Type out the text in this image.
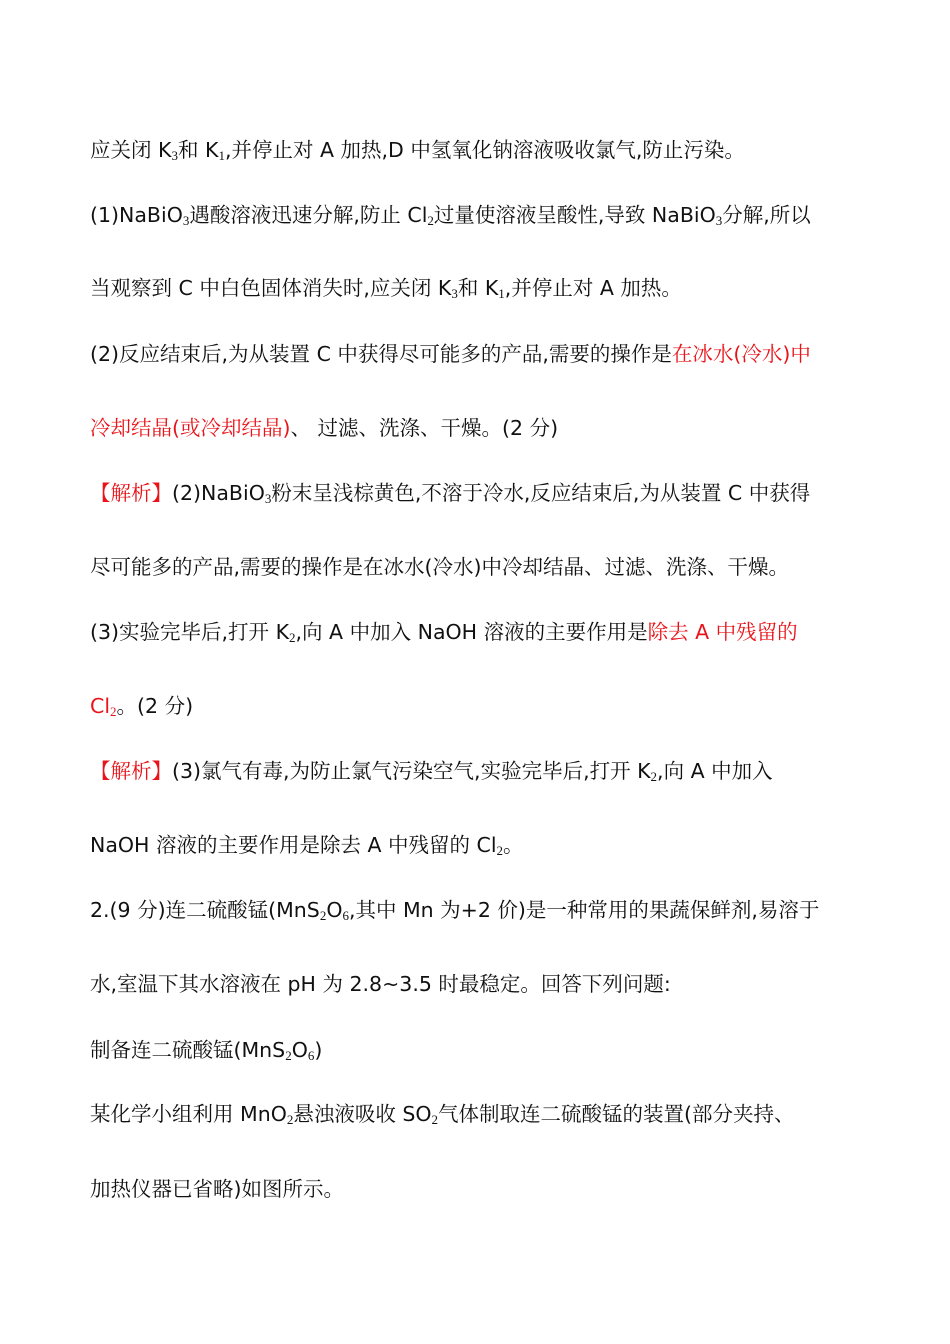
应关闭 $K_3$和 $K_1$,并停止对 A 加热,D 中氢氧化钠溶液吸收氯气,防止污染。
(1)NaBiO$_3$遇酸溶液迅速分解,防止 $Cl_2$过量使溶液呈酸性,导致 NaBiO$_3$分解,所以
当观察到 C 中白色固体消失时,应关闭 $K_3$和 $K_1$,并停止对 A 加热。
(2)反应结束后,为从装置 C 中获得尽可能多的产品,需要的操作是在冰水(冷水)中
冷却结晶(或冷却结晶)、 过滤、洗涤、干燥。(2 分)
【解析】(2)NaBiO$_3$粉末呈浅棕黄色,不溶于冷水,反应结束后,为从装置 C 中获得
尽可能多的产品,需要的操作是在冰水(冷水)中冷却结晶、过滤、洗涤、干燥。
(3)实验完毕后,打开 $K_2$,向 A 中加入 NaOH 溶液的主要作用是除去 A 中残留的
$Cl_2$。(2 分)
【解析】(3)氯气有毒,为防止氯气污染空气,实验完毕后,打开 $K_2$,向 A 中加入
NaOH 溶液的主要作用是除去 A 中残留的 $Cl_2$。
2.(9 分)连二硫酸锰($MnS_2O_6$,其中 Mn 为+2 价)是一种常用的果蔬保鲜剂,易溶于
水,室温下其水溶液在 pH 为 2.8~3.5 时最稳定。回答下列问题:
制备连二硫酸锰$(MnS_2O_6)$
某化学小组利用 MnO$_2$悬浊液吸收 $SO_2$气体制取连二硫酸锰的装置(部分夹持、
加热仪器已省略)如图所示。
